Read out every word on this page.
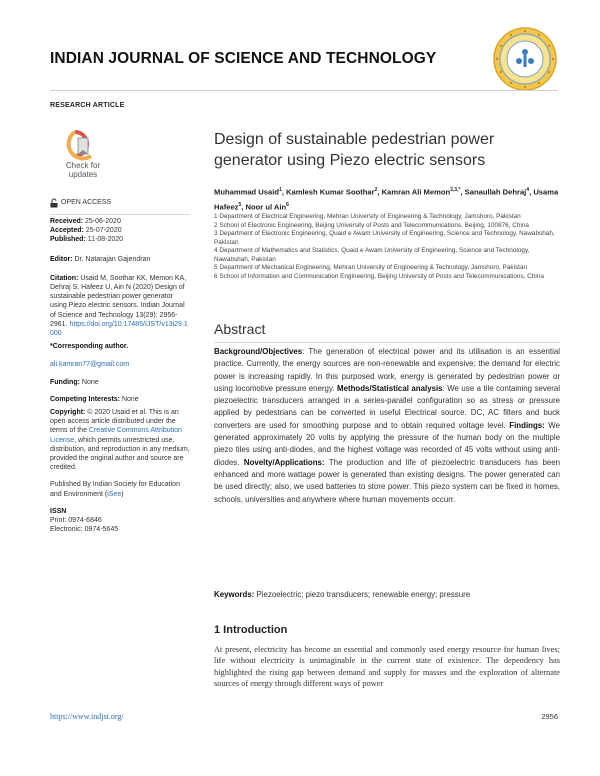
INDIAN JOURNAL OF SCIENCE AND TECHNOLOGY
RESEARCH ARTICLE
Check for
updates
OPEN ACCESS

Received: 25-06-2020

Accepted: 25-07-2020

Published: 11-08-2020

Editor: Dr. Natarajan Gajendran

Citation: Usaid M, Soothar KK, Memon KA, Dehraj S, Hafeez U, Ain N (2020) Design of sustainable pedestrian power generator using Piezo electric sensors. Indian Journal of Science and Technology 13(29): 2956-2961. https://doi.org/10.17485/IJST/v13i29.1000

*Corresponding author.

ali.kamran77@gmail.com

Funding: None

Competing Interests: None

Copyright: © 2020 Usaid et al. This is an open access article distributed under the terms of the Creative Commons Attribution License, which permits unrestricted use, distribution, and reproduction in any medium, provided the original author and source are credited.

Published By Indian Society for Education and Environment (iSee)

ISSN

Print: 0974-6846

Electronic: 0974-5645

Design of sustainable pedestrian power generator using Piezo electric sensors
Muhammad Usaid$^1$, Kamlesh Kumar Soothar$^2$, Kamran Ali Memon$^{2,3,*}$, Sanaullah Dehraj$^4$, Usama Hafeez$^5$, Noor ul Ain$^6$

1 Department of Electrical Engineering, Mehran University of Engineering & Technology, Jamshoro, Pakistan

2 School of Electronic Engineering, Beijing University of Posts and Telecommunications, Beijing, 100876, China

3 Department of Electronic Engineering, Quaid e Awam University of Engineering, Science and Technology, Nawabshah, Pakistan

4 Department of Mathematics and Statistics, Quaid e Awam University of Engineering, Science and Technology, Nawabshah, Pakistan

5 Department of Mechanical Engineering, Mehran University of Engineering & Technology, Jamshoro, Pakistan

6 School of Information and Communication Engineering, Beijing University of Posts and Telecommunications, China

Abstract
Background/Objectives: The generation of electrical power and its utilisation is an essential practice. Currently, the energy sources are non-renewable and expensive; the demand for electric power is increasing rapidly. In this purposed work, energy is generated by pedestrian power or using locomotive pressure energy. Methods/Statistical analysis: We use a tile containing several piezoelectric transducers arranged in a series-parallel configuration so as stress or pressure applied by pedestrians can be converted in useful Electrical source. DC, AC filters and buck converters are used for smoothing purpose and to obtain required voltage level. Findings: We generated approximately 20 volts by applying the pressure of the human body on the multiple piezo tiles using anti-diodes, and the highest voltage was recorded of 45 volts without using anti-diodes. Novelty/Applications: The production and life of piezoelectric transducers has been enhanced and more wattage power is generated than existing designs. The power generated can be used directly; also, we used batteries to store power. This piezo system can be fixed in homes, schools, universities and anywhere where human movements occurr.
Keywords: Piezoelectric; piezo transducers; renewable energy; pressure
1 Introduction
At present, electricity has become an essential and commonly used energy resource for human lives; life without electricity is unimaginable in the current state of existence. The dependency has highlighted the rising gap between demand and supply for masses and the exploration of alternate sources of energy through different ways of power
https://www.indjst.org/	2956
